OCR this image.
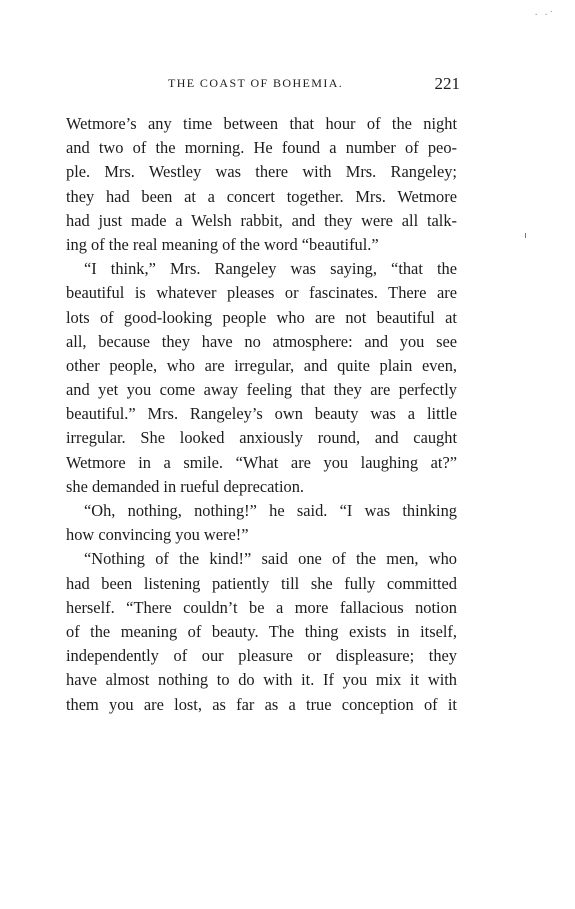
· ·˙
THE COAST OF BOHEMIA.	221
Wetmore’s any time between that hour of the night
and two of the morning. He found a number of peo-
ple. Mrs. Westley was there with Mrs. Rangeley;
they had been at a concert together. Mrs. Wetmore
had just made a Welsh rabbit, and they were all talk-
ing of the real meaning of the word “beautiful.”
“I think,” Mrs. Rangeley was saying, “that the
beautiful is whatever pleases or fascinates. There are
lots of good-looking people who are not beautiful at
all, because they have no atmosphere: and you see
other people, who are irregular, and quite plain even,
and yet you come away feeling that they are perfectly
beautiful.” Mrs. Rangeley’s own beauty was a little
irregular. She looked anxiously round, and caught
Wetmore in a smile. “What are you laughing at?”
she demanded in rueful deprecation.
“Oh, nothing, nothing!” he said. “I was thinking
how convincing you were!”
“Nothing of the kind!” said one of the men, who
had been listening patiently till she fully committed
herself. “There couldn’t be a more fallacious notion
of the meaning of beauty. The thing exists in itself,
independently of our pleasure or displeasure; they
have almost nothing to do with it. If you mix it with
them you are lost, as far as a true conception of it
